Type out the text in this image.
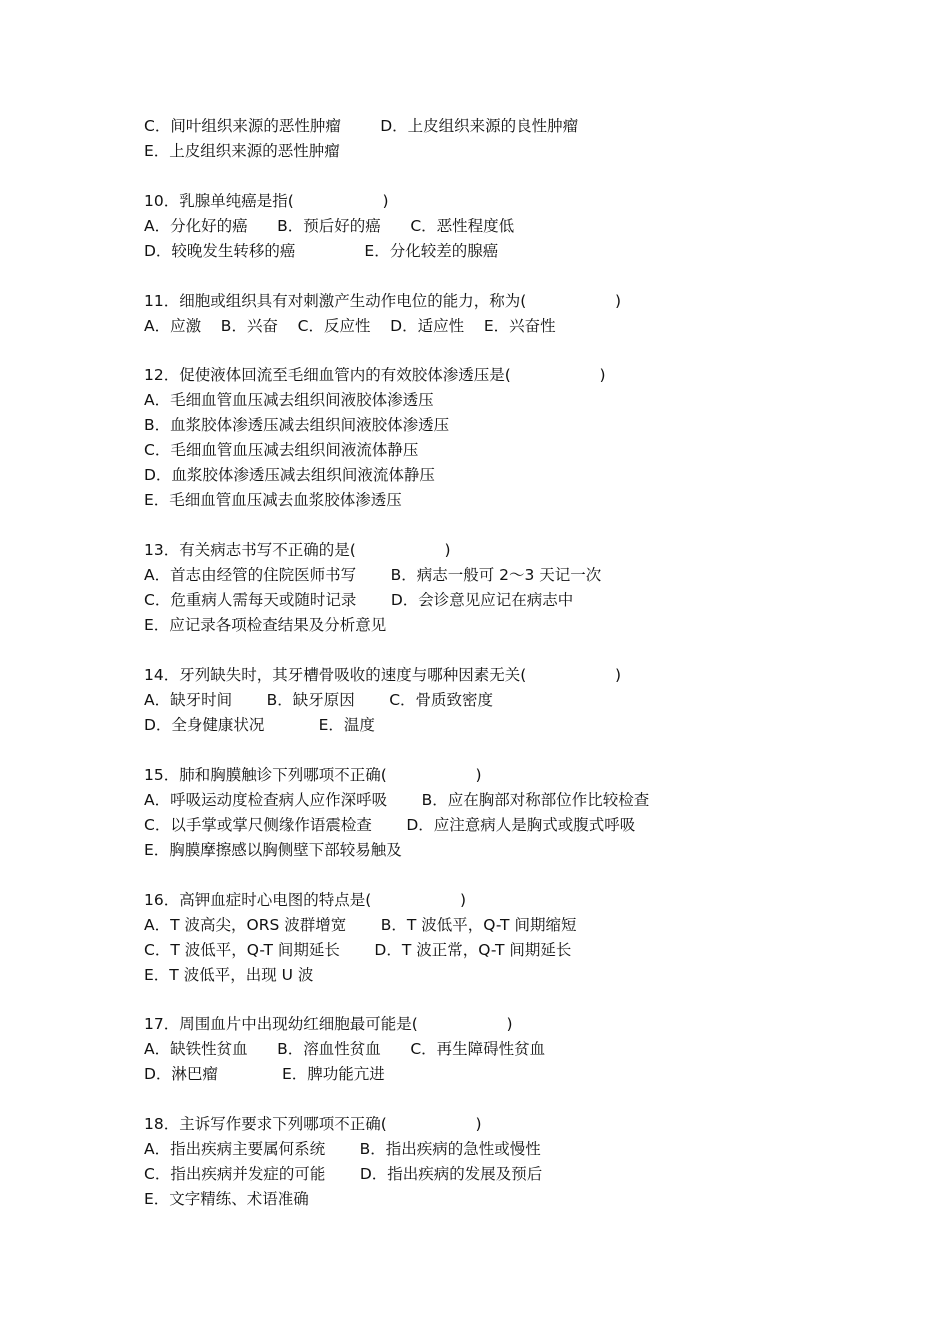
C．间叶组织来源的恶性肿瘤        D．上皮组织来源的良性肿瘤
E．上皮组织来源的恶性肿瘤
10．乳腺单纯癌是指(                  )
A．分化好的癌      B．预后好的癌      C．恶性程度低
D．较晚发生转移的癌              E．分化较差的腺癌
11．细胞或组织具有对刺激产生动作电位的能力，称为(                  )
A．应激    B．兴奋    C．反应性    D．适应性    E．兴奋性
12．促使液体回流至毛细血管内的有效胶体渗透压是(                  )
A．毛细血管血压减去组织间液胶体渗透压
B．血浆胶体渗透压减去组织间液胶体渗透压
C．毛细血管血压减去组织间液流体静压
D．血浆胶体渗透压减去组织间液流体静压
E．毛细血管血压减去血浆胶体渗透压
13．有关病志书写不正确的是(                  )
A．首志由经管的住院医师书写       B．病志一般可 2～3 天记一次
C．危重病人需每天或随时记录       D．会诊意见应记在病志中
E．应记录各项检查结果及分析意见
14．牙列缺失时，其牙槽骨吸收的速度与哪种因素无关(                  )
A．缺牙时间       B．缺牙原因       C．骨质致密度
D．全身健康状况           E．温度
15．肺和胸膜触诊下列哪项不正确(                  )
A．呼吸运动度检查病人应作深呼吸       B．应在胸部对称部位作比较检查
C．以手掌或掌尺侧缘作语震检查       D．应注意病人是胸式或腹式呼吸
E．胸膜摩擦感以胸侧壁下部较易触及
16．高钾血症时心电图的特点是(                  )
A．T 波高尖，ORS 波群增宽       B．T 波低平，Q-T 间期缩短
C．T 波低平，Q-T 间期延长       D．T 波正常，Q-T 间期延长
E．T 波低平，出现 U 波
17．周围血片中出现幼红细胞最可能是(                  )
A．缺铁性贫血      B．溶血性贫血      C．再生障碍性贫血
D．淋巴瘤             E．脾功能亢进
18．主诉写作要求下列哪项不正确(                  )
A．指出疾病主要属何系统       B．指出疾病的急性或慢性
C．指出疾病并发症的可能       D．指出疾病的发展及预后
E．文字精练、术语准确
